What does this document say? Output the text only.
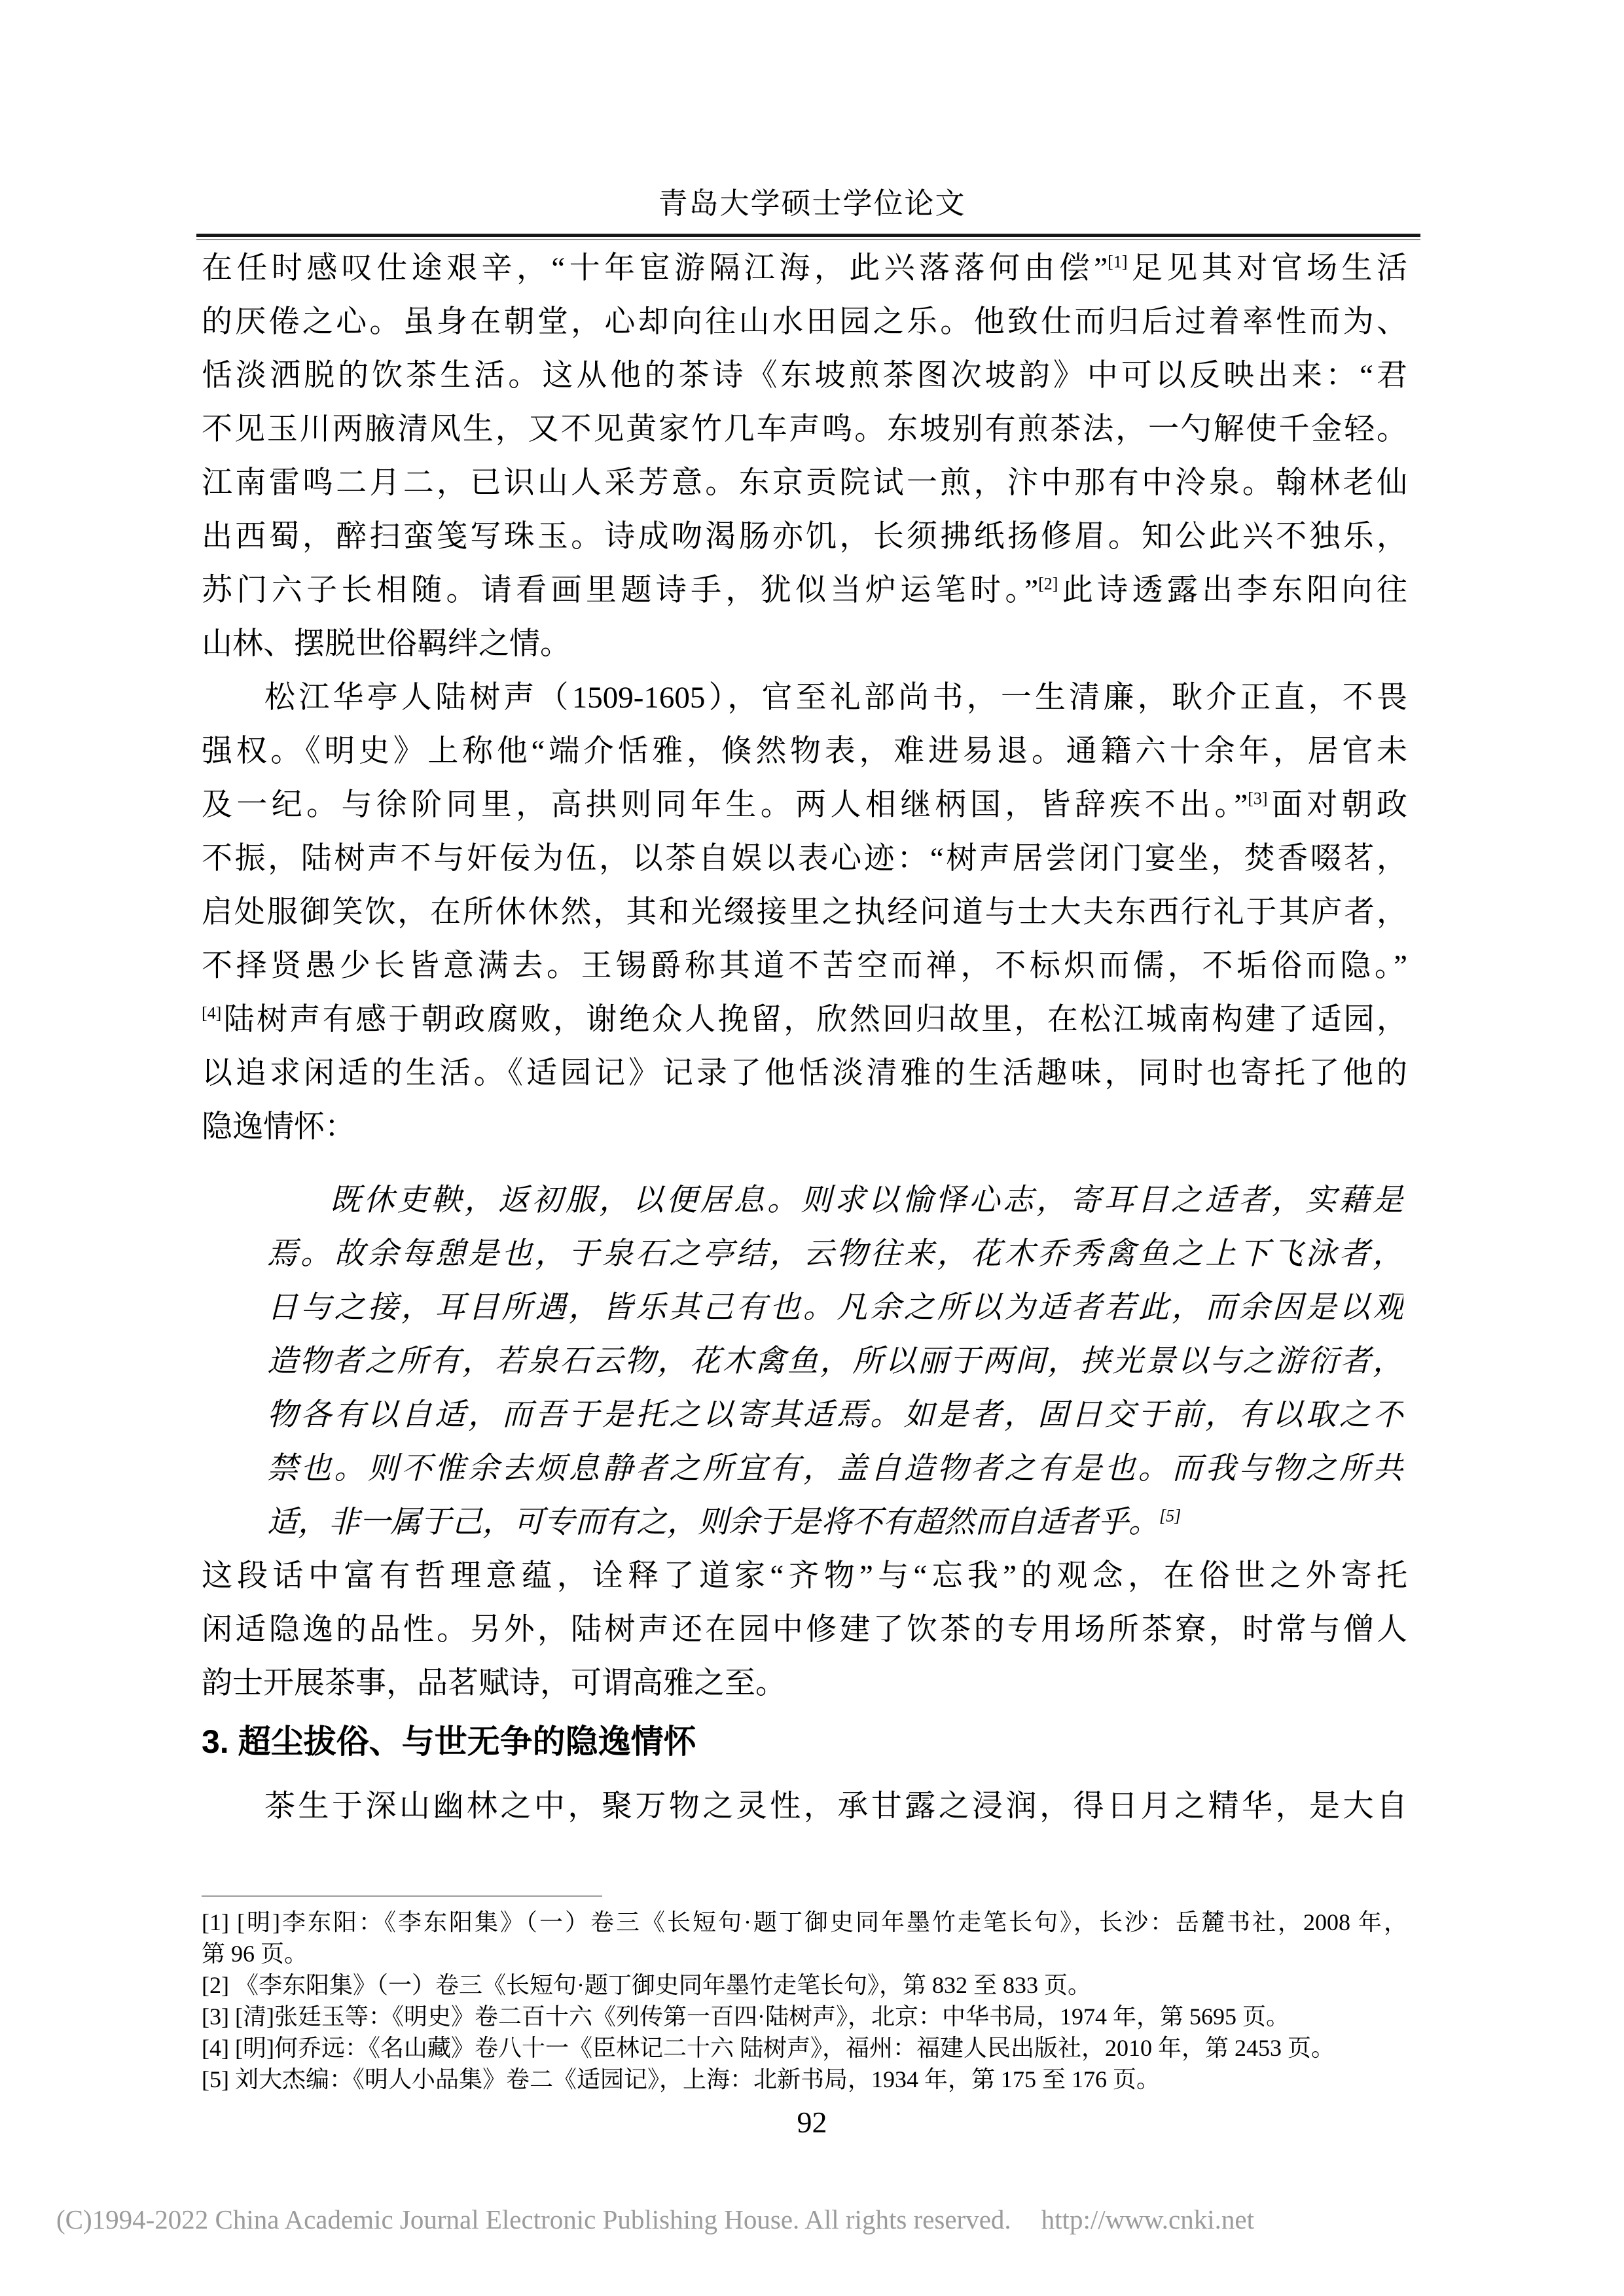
青岛大学硕士学位论文
在任时感叹仕途艰辛，“十年宦游隔江海，此兴落落何由偿”[1]足见其对官场生活
的厌倦之心。虽身在朝堂，心却向往山水田园之乐。他致仕而归后过着率性而为、
恬淡洒脱的饮茶生活。这从他的茶诗《东坡煎茶图次坡韵》中可以反映出来：“君
不见玉川两腋清风生，又不见黄家竹几车声鸣。东坡别有煎茶法，一勺解使千金轻。
江南雷鸣二月二，已识山人采芳意。东京贡院试一煎，汴中那有中泠泉。翰林老仙
出西蜀，醉扫蛮笺写珠玉。诗成吻渴肠亦饥，长须拂纸扬修眉。知公此兴不独乐，
苏门六子长相随。请看画里题诗手，犹似当炉运笔时。”[2]此诗透露出李东阳向往
山林、摆脱世俗羁绊之情。
松江华亭人陆树声（1509-1605），官至礼部尚书，一生清廉，耿介正直，不畏
强权。《明史》上称他“端介恬雅，倏然物表，难进易退。通籍六十余年，居官未
及一纪。与徐阶同里，高拱则同年生。两人相继柄国，皆辞疾不出。”[3]面对朝政
不振，陆树声不与奸佞为伍，以茶自娱以表心迹：“树声居尝闭门宴坐，焚香啜茗，
启处服御笑饮，在所休休然，其和光缀接里之执经问道与士大夫东西行礼于其庐者，
不择贤愚少长皆意满去。王锡爵称其道不苦空而禅，不标炽而儒，不垢俗而隐。”
[4]陆树声有感于朝政腐败，谢绝众人挽留，欣然回归故里，在松江城南构建了适园，
以追求闲适的生活。《适园记》记录了他恬淡清雅的生活趣味，同时也寄托了他的
隐逸情怀：
既休吏鞅，返初服，以便居息。则求以愉怿心志，寄耳目之适者，实藉是
焉。故余每憩是也，于泉石之亭结，云物往来，花木乔秀禽鱼之上下飞泳者，
日与之接，耳目所遇，皆乐其己有也。凡余之所以为适者若此，而余因是以观
造物者之所有，若泉石云物，花木禽鱼，所以丽于两间，挟光景以与之游衍者，
物各有以自适，而吾于是托之以寄其适焉。如是者，固日交于前，有以取之不
禁也。则不惟余去烦息静者之所宜有，盖自造物者之有是也。而我与物之所共
适，非一属于己，可专而有之，则余于是将不有超然而自适者乎。[5]
这段话中富有哲理意蕴，诠释了道家“齐物”与“忘我”的观念，在俗世之外寄托
闲适隐逸的品性。另外，陆树声还在园中修建了饮茶的专用场所茶寮，时常与僧人
韵士开展茶事，品茗赋诗，可谓高雅之至。
3. 超尘拔俗、与世无争的隐逸情怀
茶生于深山幽林之中，聚万物之灵性，承甘露之浸润，得日月之精华，是大自
[1] [明]李东阳：《李东阳集》（一）卷三《长短句·题丁御史同年墨竹走笔长句》，长沙：岳麓书社，2008 年，
第 96 页。
[2] 《李东阳集》（一）卷三《长短句·题丁御史同年墨竹走笔长句》，第 832 至 833 页。
[3] [清]张廷玉等：《明史》卷二百十六《列传第一百四·陆树声》，北京：中华书局，1974 年，第 5695 页。
[4] [明]何乔远：《名山藏》卷八十一《臣林记二十六 陆树声》，福州：福建人民出版社，2010 年，第 2453 页。
[5] 刘大杰编：《明人小品集》卷二《适园记》，上海：北新书局，1934 年，第 175 至 176 页。
92
(C)1994-2022 China Academic Journal Electronic Publishing House. All rights reserved. http://www.cnki.net
